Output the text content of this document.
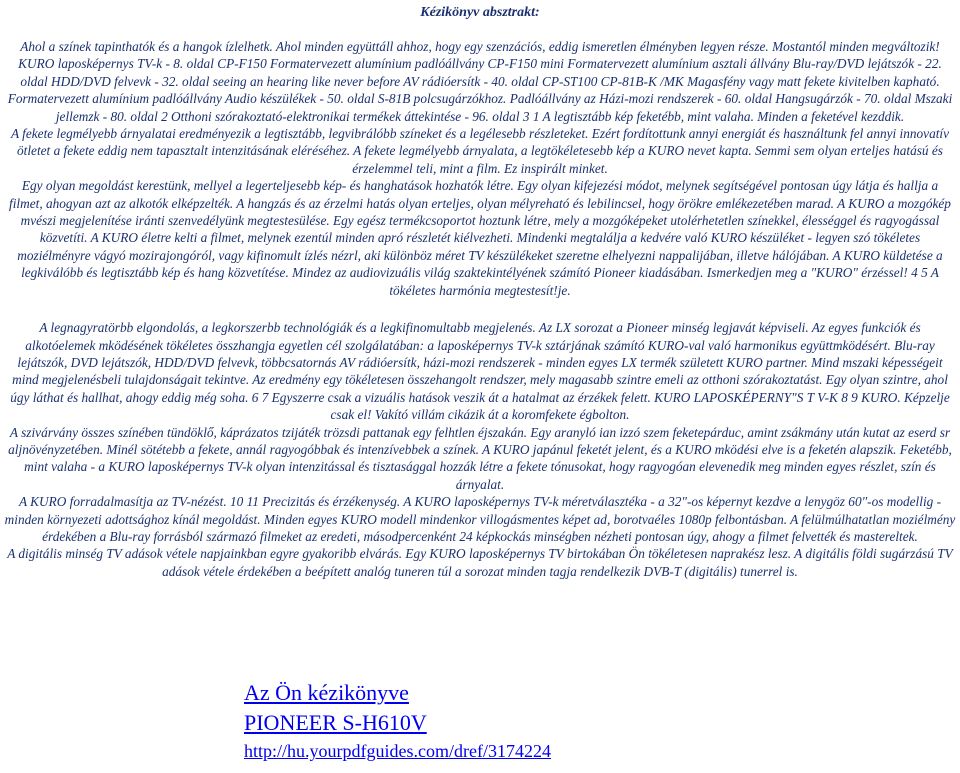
Kézikönyv absztrakt:

Ahol a színek tapinthatók és a hangok ízlelhetk. Ahol minden együttáll ahhoz, hogy egy szenzációs, eddig ismeretlen élményben legyen része. Mostantól minden megváltozik! KURO laposképernys TV-k - 8. oldal CP-F150 Formatervezett alumínium padlóállvány CP-F150 mini Formatervezett alumínium asztali állvány Blu-ray/DVD lejátszók - 22. oldal HDD/DVD felvevk - 32. oldal seeing an hearing like never before AV rádióersítk - 40. oldal CP-ST100 CP-81B-K /MK Magasfény vagy matt fekete kivitelben kapható. Formatervezett alumínium padlóállvány Audio készülékek - 50. oldal S-81B polcsugárzókhoz. Padlóállvány az Házi-mozi rendszerek - 60. oldal Hangsugárzók - 70. oldal Mszaki jellemzk - 80. oldal 2 Otthoni szórakoztató-elektronikai termékek áttekintése - 96. oldal 3 1 A legtisztább kép feketébb, mint valaha. Minden a feketével kezddik.

A fekete legmélyebb árnyalatai eredményezik a legtisztább, legvibrálóbb színeket és a legélesebb részleteket. Ezért fordítottunk annyi energiát és használtunk fel annyi innovatív ötletet a fekete eddig nem tapasztalt intenzitásának eléréséhez. A fekete legmélyebb árnyalata, a legtökéletesebb kép a KURO nevet kapta. Semmi sem olyan erteljes hatású és érzelemmel teli, mint a film. Ez inspirált minket.

Egy olyan megoldást kerestünk, mellyel a legerteljesebb kép- és hanghatások hozhatók létre. Egy olyan kifejezési módot, melynek segítségével pontosan úgy látja és hallja a filmet, ahogyan azt az alkotók elképzelték. A hangzás és az érzelmi hatás olyan erteljes, olyan mélyreható és lebilincsel, hogy örökre emlékezetében marad. A KURO a mozgókép mvészi megjelenítése iránti szenvedélyünk megtestesülése. Egy egész termékcsoportot hoztunk létre, mely a mozgóképeket utolérhetetlen színekkel, élességgel és ragyogással közvetíti. A KURO életre kelti a filmet, melynek ezentúl minden apró részletét kiélvezheti. Mindenki megtalálja a kedvére való KURO készüléket - legyen szó tökéletes moziélményre vágyó mozirajongóról, vagy kifinomult ízlés nézrl, aki különböz méret TV készülékeket szeretne elhelyezni nappalijában, illetve hálójában. A KURO küldetése a legkiválóbb és legtisztább kép és hang közvetítése. Mindez az audiovizuális világ szaktekintélyének számító Pioneer kiadásában. Ismerkedjen meg a "KURO" érzéssel! 4 5 A tökéletes harmónia megtestesít!je.

A legnagyratörbb elgondolás, a legkorszerbb technológiák és a legkifinomultabb megjelenés. Az LX sorozat a Pioneer minség legjavát képviseli. Az egyes funkciók és alkotóelemek mködésének tökéletes összhangja egyetlen cél szolgálatában: a laposképernys TV-k sztárjának számító KURO-val való harmonikus együttmködésért. Blu-ray lejátszók, DVD lejátszók, HDD/DVD felvevk, többcsatornás AV rádióersítk, házi-mozi rendszerek - minden egyes LX termék született KURO partner. Mind mszaki képességeit mind megjelenésbeli tulajdonságait tekintve. Az eredmény egy tökéletesen összehangolt rendszer, mely magasabb szintre emeli az otthoni szórakoztatást. Egy olyan szintre, ahol úgy láthat és hallhat, ahogy eddig még soha. 6 7 Egyszerre csak a vizuális hatások veszik át a hatalmat az érzékek felett. KURO LAPOSKÉPERNY"S T V-K 8 9 KURO. Képzelje csak el! Vakító villám cikázik át a koromfekete égbolton.

A szivárvány összes színében tündöklő, káprázatos tzijáték trözsdi pattanak egy felhtlen éjszakán. Egy aranyló ian izzó szem feketepárduc, amint zsákmány után kutat az eserd sr aljnövényzetében. Minél sötétebb a fekete, annál ragyogóbbak és intenzívebbek a színek. A KURO japánul feketét jelent, és a KURO mködési elve is a feketén alapszik. Feketébb, mint valaha - a KURO laposképernys TV-k olyan intenzitással és tisztasággal hozzák létre a fekete tónusokat, hogy ragyogóan elevenedik meg minden egyes részlet, szín és árnyalat.

A KURO forradalmasítja az TV-nézést. 10 11 Precizitás és érzékenység. A KURO laposképernys TV-k méretválasztéka - a 32"-os képernyt kezdve a lenygöz 60"-os modellig - minden környezeti adottsághoz kínál megoldást. Minden egyes KURO modell mindenkor villogásmentes képet ad, borotvaéles 1080p felbontásban. A felülmúlhatatlan moziélmény érdekében a Blu-ray forrásból származó filmeket az eredeti, másodpercenként 24 képkockás minségben nézheti pontosan úgy, ahogy a filmet felvették és mastereltek.

A digitális minség TV adások vétele napjainkban egyre gyakoribb elvárás. Egy KURO laposképernys TV birtokában Ön tökéletesen naprakész lesz. A digitális földi sugárzású TV adások vétele érdekében a beépített analóg tuneren túl a sorozat minden tagja rendelkezik DVB-T (digitális) tunerrel is.

Az Ön kézikönyve
PIONEER S-H610V
http://hu.yourpdfguides.com/dref/3174224
